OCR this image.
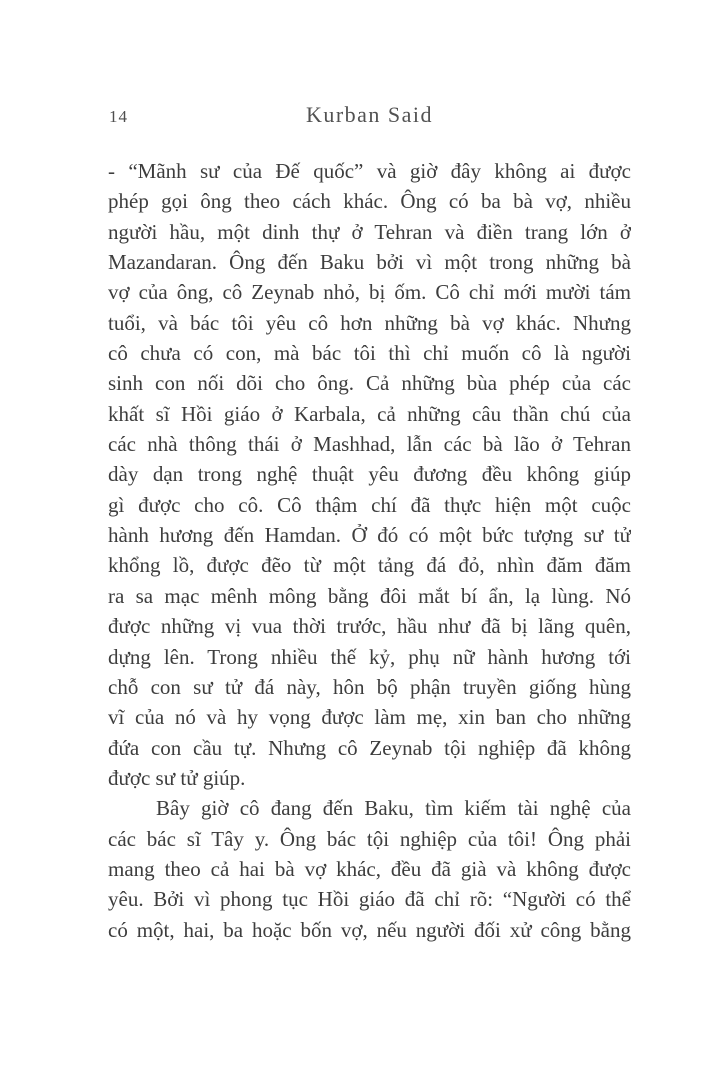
14	Kurban Said
- “Mãnh sư của Đế quốc” và giờ đây không ai được
phép gọi ông theo cách khác. Ông có ba bà vợ, nhiều
người hầu, một dinh thự ở Tehran và điền trang lớn ở
Mazandaran. Ông đến Baku bởi vì một trong những bà
vợ của ông, cô Zeynab nhỏ, bị ốm. Cô chỉ mới mười tám
tuổi, và bác tôi yêu cô hơn những bà vợ khác. Nhưng
cô chưa có con, mà bác tôi thì chỉ muốn cô là người
sinh con nối dõi cho ông. Cả những bùa phép của các
khất sĩ Hồi giáo ở Karbala, cả những câu thần chú của
các nhà thông thái ở Mashhad, lẫn các bà lão ở Tehran
dày dạn trong nghệ thuật yêu đương đều không giúp
gì được cho cô. Cô thậm chí đã thực hiện một cuộc
hành hương đến Hamdan. Ở đó có một bức tượng sư tử
khổng lồ, được đẽo từ một tảng đá đỏ, nhìn đăm đăm
ra sa mạc mênh mông bằng đôi mắt bí ẩn, lạ lùng. Nó
được những vị vua thời trước, hầu như đã bị lãng quên,
dựng lên. Trong nhiều thế kỷ, phụ nữ hành hương tới
chỗ con sư tử đá này, hôn bộ phận truyền giống hùng
vĩ của nó và hy vọng được làm mẹ, xin ban cho những
đứa con cầu tự. Nhưng cô Zeynab tội nghiệp đã không
được sư tử giúp.
Bây giờ cô đang đến Baku, tìm kiếm tài nghệ của
các bác sĩ Tây y. Ông bác tội nghiệp của tôi! Ông phải
mang theo cả hai bà vợ khác, đều đã già và không được
yêu. Bởi vì phong tục Hồi giáo đã chỉ rõ: “Người có thể
có một, hai, ba hoặc bốn vợ, nếu người đối xử công bằng
